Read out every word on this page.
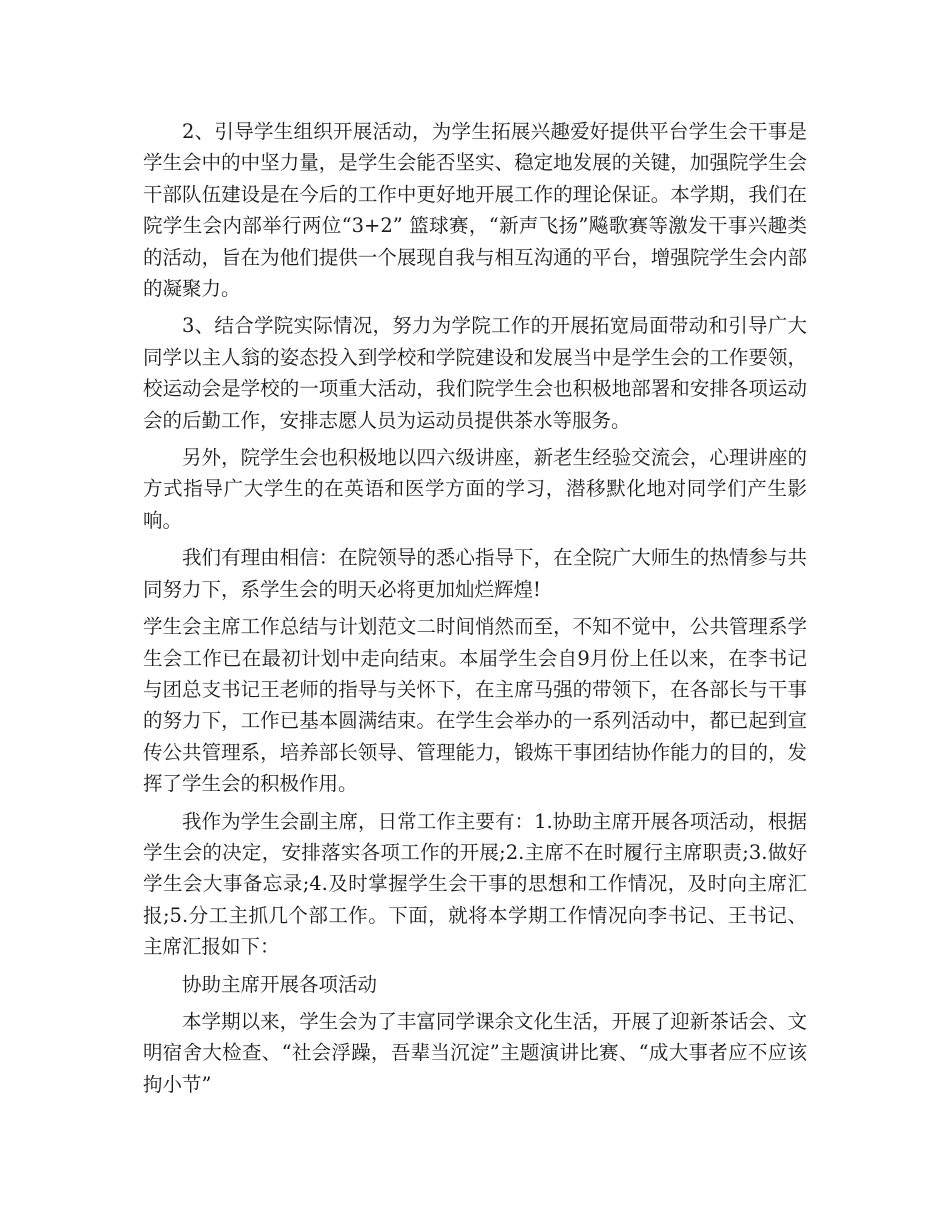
2、引导学生组织开展活动，为学生拓展兴趣爱好提供平台学生会干事是学生会中的中坚力量，是学生会能否坚实、稳定地发展的关键，加强院学生会干部队伍建设是在今后的工作中更好地开展工作的理论保证。本学期，我们在院学生会内部举行两位“3+2” 篮球赛，“新声飞扬”飚歌赛等激发干事兴趣类的活动，旨在为他们提供一个展现自我与相互沟通的平台，增强院学生会内部的凝聚力。

3、结合学院实际情况，努力为学院工作的开展拓宽局面带动和引导广大同学以主人翁的姿态投入到学校和学院建设和发展当中是学生会的工作要领，校运动会是学校的一项重大活动，我们院学生会也积极地部署和安排各项运动会的后勤工作，安排志愿人员为运动员提供茶水等服务。

另外，院学生会也积极地以四六级讲座，新老生经验交流会，心理讲座的方式指导广大学生的在英语和医学方面的学习，潜移默化地对同学们产生影响。

我们有理由相信：在院领导的悉心指导下，在全院广大师生的热情参与共同努力下，系学生会的明天必将更加灿烂辉煌!

学生会主席工作总结与计划范文二时间悄然而至，不知不觉中，公共管理系学生会工作已在最初计划中走向结束。本届学生会自9月份上任以来，在李书记与团总支书记王老师的指导与关怀下，在主席马强的带领下，在各部长与干事的努力下，工作已基本圆满结束。在学生会举办的一系列活动中，都已起到宣传公共管理系，培养部长领导、管理能力，锻炼干事团结协作能力的目的，发挥了学生会的积极作用。

我作为学生会副主席，日常工作主要有：1.协助主席开展各项活动，根据学生会的决定，安排落实各项工作的开展;2.主席不在时履行主席职责;3.做好学生会大事备忘录;4.及时掌握学生会干事的思想和工作情况，及时向主席汇报;5.分工主抓几个部工作。下面，就将本学期工作情况向李书记、王书记、主席汇报如下：

协助主席开展各项活动

本学期以来，学生会为了丰富同学课余文化生活，开展了迎新茶话会、文明宿舍大检查、“社会浮躁，吾辈当沉淀”主题演讲比赛、“成大事者应不应该拘小节”
